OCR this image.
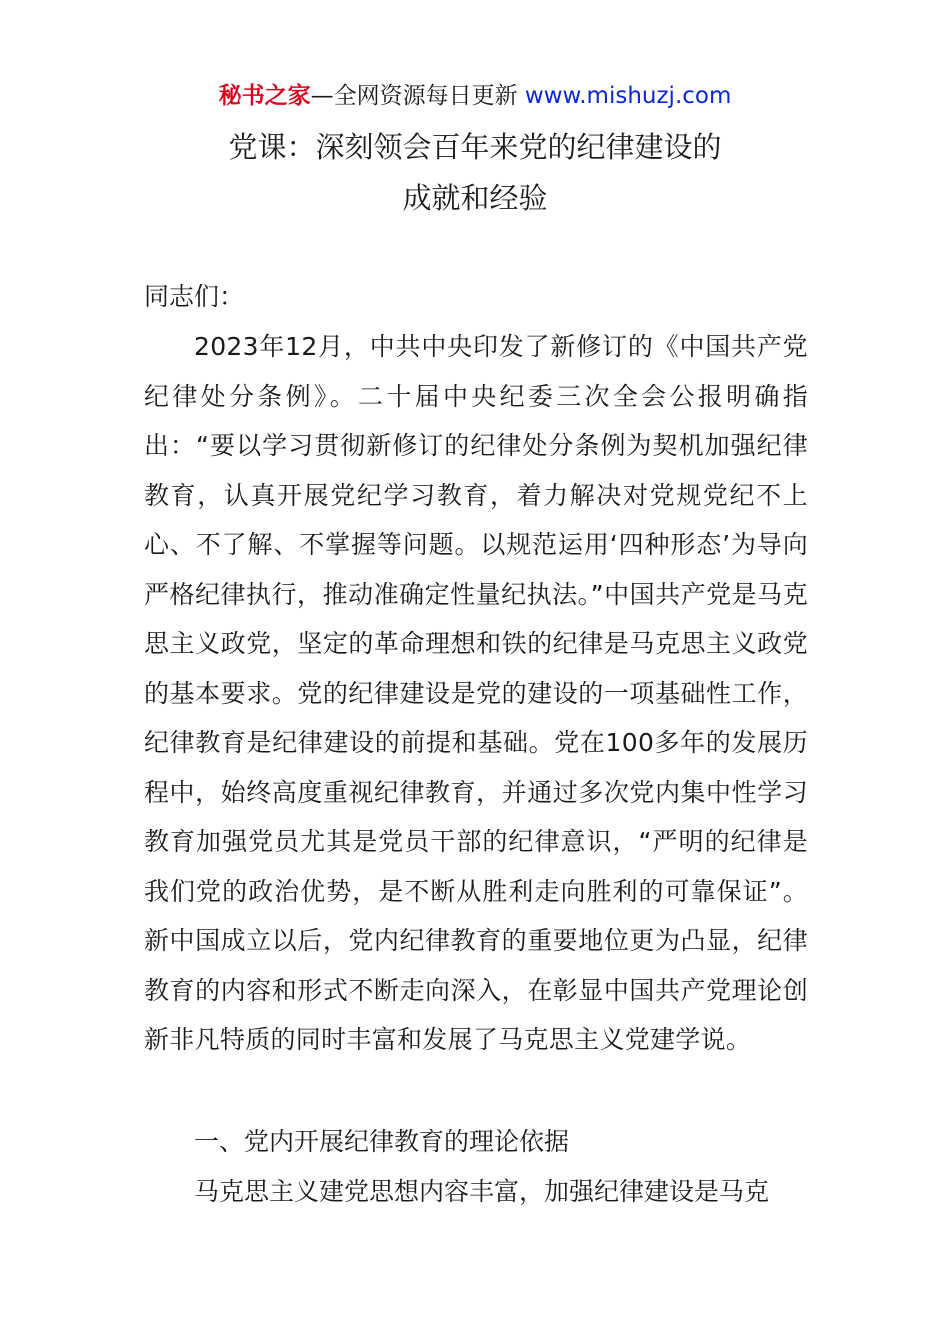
秘书之家—全网资源每日更新 www.mishuzj.com
党课：深刻领会百年来党的纪律建设的
成就和经验
同志们：

2023年12月，中共中央印发了新修订的《中国共产党纪律处分条例》。二十届中央纪委三次全会公报明确指出：“要以学习贯彻新修订的纪律处分条例为契机加强纪律教育，认真开展党纪学习教育，着力解决对党规党纪不上心、不了解、不掌握等问题。以规范运用‘四种形态’为导向严格纪律执行，推动准确定性量纪执法。”中国共产党是马克思主义政党，坚定的革命理想和铁的纪律是马克思主义政党的基本要求。党的纪律建设是党的建设的一项基础性工作，纪律教育是纪律建设的前提和基础。党在100多年的发展历程中，始终高度重视纪律教育，并通过多次党内集中性学习教育加强党员尤其是党员干部的纪律意识，“严明的纪律是我们党的政治优势，是不断从胜利走向胜利的可靠保证”。新中国成立以后，党内纪律教育的重要地位更为凸显，纪律教育的内容和形式不断走向深入，在彰显中国共产党理论创新非凡特质的同时丰富和发展了马克思主义党建学说。

一、党内开展纪律教育的理论依据
马克思主义建党思想内容丰富，加强纪律建设是马克
